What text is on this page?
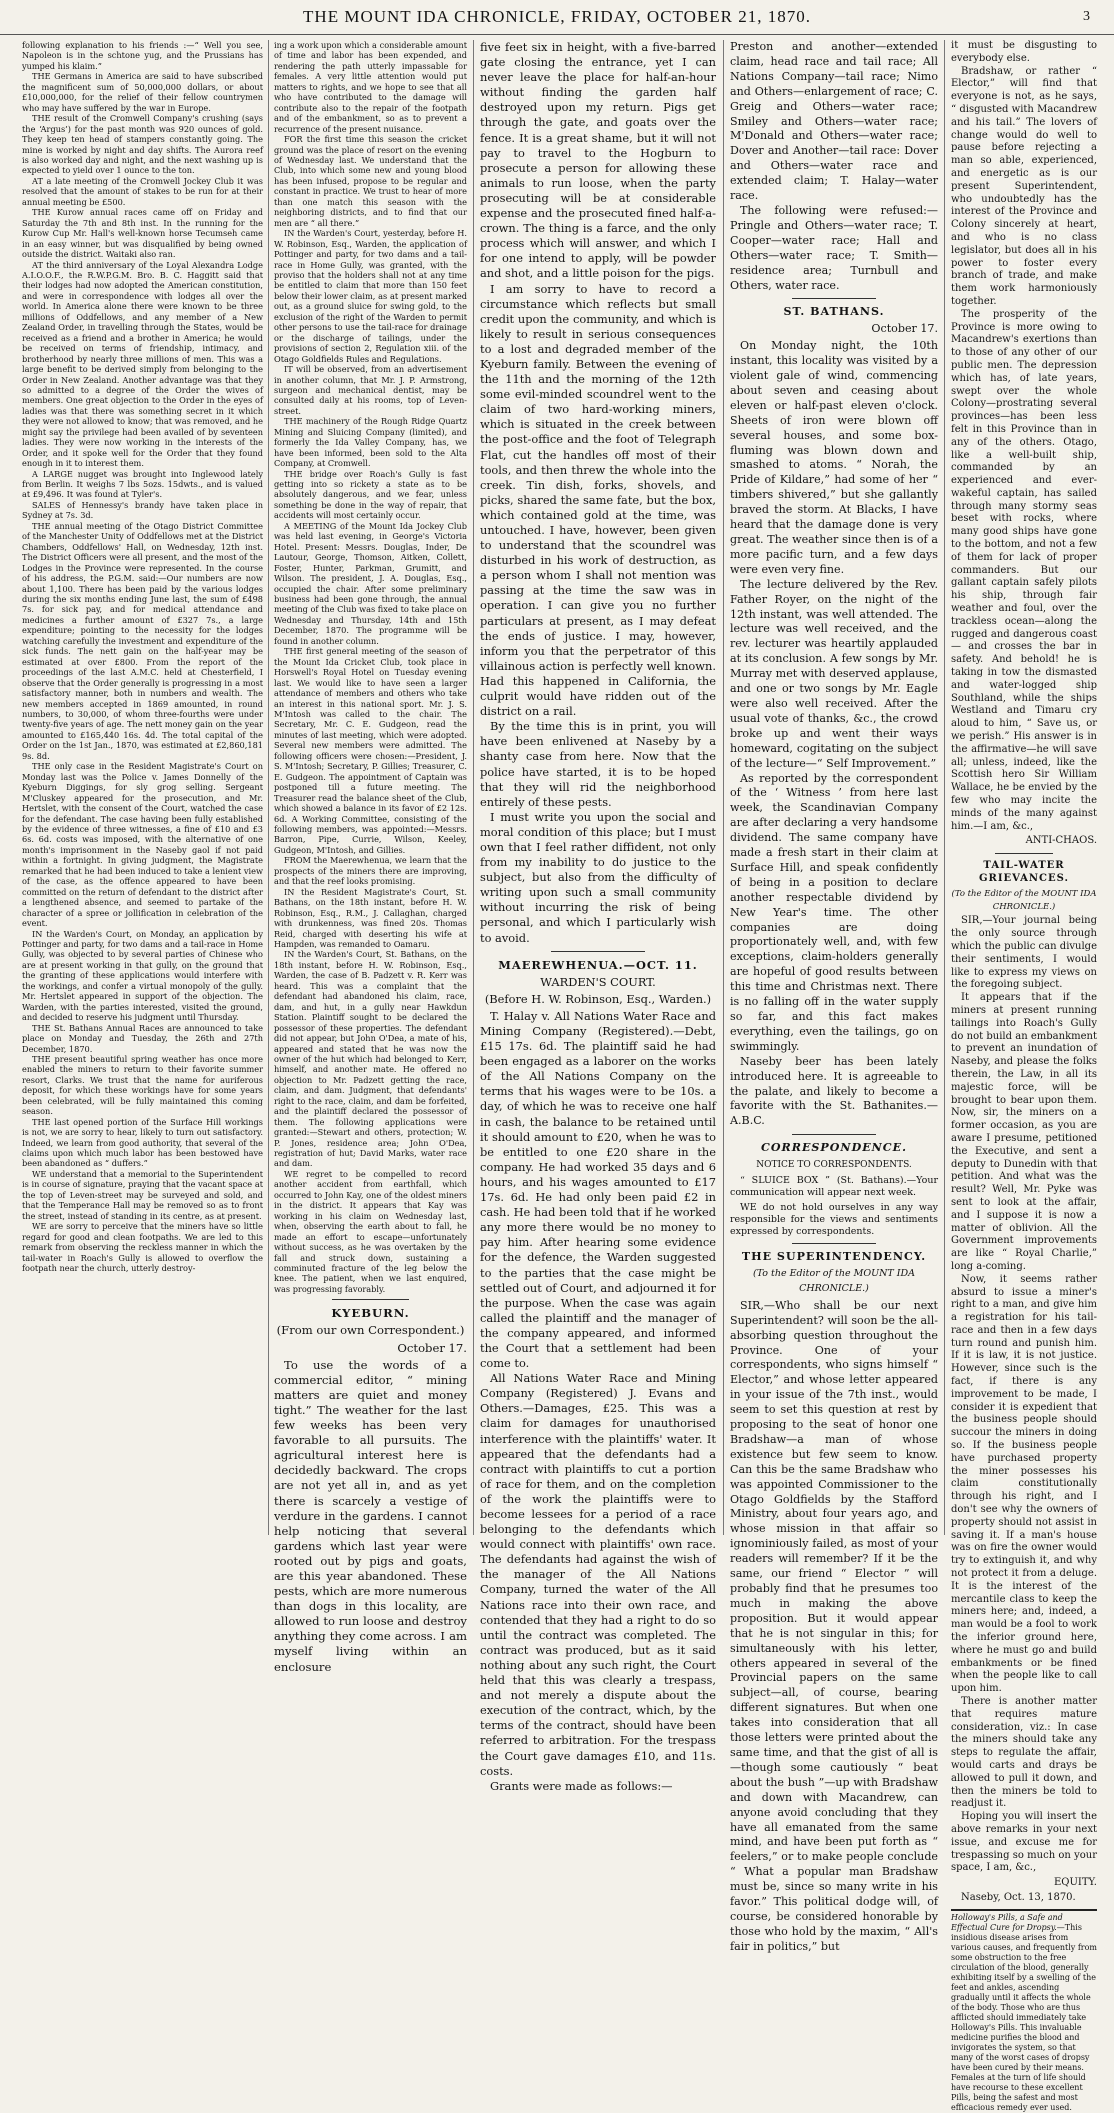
THE MOUNT IDA CHRONICLE, FRIDAY, OCTOBER 21, 1870.	3

following explanation to his friends :—“ Well you see, Napoleon is in the schtone yug, and the Prussians has yumped his klaim.”

THE Germans in America are said to have subscribed the magnificent sum of 50,000,000 dollars, or about £10,000,000, for the relief of their fellow countrymen who may have suffered by the war in Europe.

THE result of the Cromwell Company's crushing (says the ‘Argus’) for the past month was 920 ounces of gold. They keep ten head of stampers constantly going. The mine is worked by night and day shifts. The Aurora reef is also worked day and night, and the next washing up is expected to yield over 1 ounce to the ton.

AT a late meeting of the Cromwell Jockey Club it was resolved that the amount of stakes to be run for at their annual meeting be £500.

THE Kurow annual races came off on Friday and Saturday the 7th and 8th inst. In the running for the Kurow Cup Mr. Hall's well-known horse Tecumseh came in an easy winner, but was disqualified by being owned outside the district. Waitaki also ran.

AT the third anniversary of the Loyal Alexandra Lodge A.I.O.O.F., the R.W.P.G.M. Bro. B. C. Haggitt said that their lodges had now adopted the American constitution, and were in correspondence with lodges all over the world. In America alone there were known to be three millions of Oddfellows, and any member of a New Zealand Order, in travelling through the States, would be received as a friend and a brother in America; he would be received on terms of friendship, intimacy, and brotherhood by nearly three millions of men. This was a large benefit to be derived simply from belonging to the Order in New Zealand. Another advantage was that they so admitted to a degree of the Order the wives of members. One great objection to the Order in the eyes of ladies was that there was something secret in it which they were not allowed to know; that was removed, and he might say the privilege had been availed of by seventeen ladies. They were now working in the interests of the Order, and it spoke well for the Order that they found enough in it to interest them.

A LARGE nugget was brought into Inglewood lately from Berlin. It weighs 7 lbs 5ozs. 15dwts., and is valued at £9,496. It was found at Tyler's.

SALES of Hennessy's brandy have taken place in Sydney at 7s. 3d.

THE annual meeting of the Otago District Committee of the Manchester Unity of Oddfellows met at the District Chambers, Oddfellows' Hall, on Wednesday, 12th inst. The District Officers were all present, and the most of the Lodges in the Province were represented. In the course of his address, the P.G.M. said:—Our numbers are now about 1,100. There has been paid by the various lodges during the six months ending June last, the sum of £498 7s. for sick pay, and for medical attendance and medicines a further amount of £327 7s., a large expenditure; pointing to the necessity for the lodges watching carefully the investment and expenditure of the sick funds. The nett gain on the half-year may be estimated at over £800. From the report of the proceedings of the last A.M.C. held at Chesterfield, I observe that the Order generally is progressing in a most satisfactory manner, both in numbers and wealth. The new members accepted in 1869 amounted, in round numbers, to 30,000, of whom three-fourths were under twenty-five years of age. The nett money gain on the year amounted to £165,440 16s. 4d. The total capital of the Order on the 1st Jan., 1870, was estimated at £2,860,181 9s. 8d.

THE only case in the Resident Magistrate's Court on Monday last was the Police v. James Donnelly of the Kyeburn Diggings, for sly grog selling. Sergeant M'Cluskey appeared for the prosecution, and Mr. Hertslet, with the consent of the Court, watched the case for the defendant. The case having been fully established by the evidence of three witnesses, a fine of £10 and £3 6s. 6d. costs was imposed, with the alternative of one month's imprisonment in the Naseby gaol if not paid within a fortnight. In giving judgment, the Magistrate remarked that he had been induced to take a lenient view of the case, as the offence appeared to have been committed on the return of defendant to the district after a lengthened absence, and seemed to partake of the character of a spree or jollification in celebration of the event.

IN the Warden's Court, on Monday, an application by Pottinger and party, for two dams and a tail-race in Home Gully, was objected to by several parties of Chinese who are at present working in that gully, on the ground that the granting of these applications would interfere with the workings, and confer a virtual monopoly of the gully. Mr. Hertslet appeared in support of the objection. The Warden, with the parties interested, visited the ground, and decided to reserve his judgment until Thursday.

THE St. Bathans Annual Races are announced to take place on Monday and Tuesday, the 26th and 27th December, 1870.

THE present beautiful spring weather has once more enabled the miners to return to their favorite summer resort, Clarks. We trust that the name for auriferous deposit, for which these workings have for some years been celebrated, will be fully maintained this coming season.

THE last opened portion of the Surface Hill workings is not, we are sorry to hear, likely to turn out satisfactory. Indeed, we learn from good authority, that several of the claims upon which much labor has been bestowed have been abandoned as “ duffers.”

WE understand that a memorial to the Superintendent is in course of signature, praying that the vacant space at the top of Leven-street may be surveyed and sold, and that the Temperance Hall may be removed so as to front the street, instead of standing in its centre, as at present.

WE are sorry to perceive that the miners have so little regard for good and clean footpaths. We are led to this remark from observing the reckless manner in which the tail-water in Roach's Gully is allowed to overflow the footpath near the church, utterly destroy-

ing a work upon which a considerable amount of time and labor has been expended, and rendering the path utterly impassable for females. A very little attention would put matters to rights, and we hope to see that all who have contributed to the damage will contribute also to the repair of the footpath and of the embankment, so as to prevent a recurrence of the present nuisance.

FOR the first time this season the cricket ground was the place of resort on the evening of Wednesday last. We understand that the Club, into which some new and young blood has been infused, propose to be regular and constant in practice. We trust to hear of more than one match this season with the neighboring districts, and to find that our men are “ all there.”

IN the Warden's Court, yesterday, before H. W. Robinson, Esq., Warden, the application of Pottinger and party, for two dams and a tail-race in Home Gully, was granted, with the proviso that the holders shall not at any time be entitled to claim that more than 150 feet below their lower claim, as at present marked out, as a ground sluice for swing gold, to the exclusion of the right of the Warden to permit other persons to use the tail-race for drainage or the discharge of tailings, under the provisions of section 2, Regulation xiii. of the Otago Goldfields Rules and Regulations.

IT will be observed, from an advertisement in another column, that Mr. J. P. Armstrong, surgeon and mechanical dentist, may be consulted daily at his rooms, top of Leven-street.

THE machinery of the Rough Ridge Quartz Mining and Sluicing Company (limited), and formerly the Ida Valley Company, has, we have been informed, been sold to the Alta Company, at Cromwell.

THE bridge over Roach's Gully is fast getting into so rickety a state as to be absolutely dangerous, and we fear, unless something be done in the way of repair, that accidents will most certainly occur.

A MEETING of the Mount Ida Jockey Club was held last evening, in George's Victoria Hotel. Present: Messrs. Douglas, Inder, De Lautour, George, Thomson, Aitken, Collett, Foster, Hunter, Parkman, Grumitt, and Wilson. The president, J. A. Douglas, Esq., occupied the chair. After some preliminary business had been gone through, the annual meeting of the Club was fixed to take place on Wednesday and Thursday, 14th and 15th December, 1870. The programme will be found in another column.

THE first general meeting of the season of the Mount Ida Cricket Club, took place in Horswell's Royal Hotel on Tuesday evening last. We would like to have seen a larger attendance of members and others who take an interest in this national sport. Mr. J. S. M'Intosh was called to the chair. The Secretary, Mr. C. E. Gudgeon, read the minutes of last meeting, which were adopted. Several new members were admitted. The following officers were chosen:—President, J. S. M'Intosh; Secretary, P. Gillies; Treasurer, C. E. Gudgeon. The appointment of Captain was postponed till a future meeting. The Treasurer read the balance sheet of the Club, which showed a balance in its favor of £2 12s. 6d. A Working Committee, consisting of the following members, was appointed:—Messrs. Barron, Pipe, Currie, Wilson, Keeley, Gudgeon, M'Intosh, and Gillies.

FROM the Maerewhenua, we learn that the prospects of the miners there are improving, and that the reef looks promising.

IN the Resident Magistrate's Court, St. Bathans, on the 18th instant, before H. W. Robinson, Esq., R.M., J. Callaghan, charged with drunkenness, was fined 20s. Thomas Reid, charged with deserting his wife at Hampden, was remanded to Oamaru.

IN the Warden's Court, St. Bathans, on the 18th instant, before H. W. Robinson, Esq., Warden, the case of B. Padzett v. R. Kerr was heard. This was a complaint that the defendant had abandoned his claim, race, dam, and hut, in a gully near Hawkdun Station. Plaintiff sought to be declared the possessor of these properties. The defendant did not appear, but John O'Dea, a mate of his, appeared and stated that he was now the owner of the hut which had belonged to Kerr, himself, and another mate. He offered no objection to Mr. Padzett getting the race, claim, and dam. Judgment, that defendants' right to the race, claim, and dam be forfeited, and the plaintiff declared the possessor of them. The following applications were granted:—Stewart and others, protection; W. P. Jones, residence area; John O'Dea, registration of hut; David Marks, water race and dam.

WE regret to be compelled to record another accident from earthfall, which occurred to John Kay, one of the oldest miners in the district. It appears that Kay was working in his claim on Wednesday last, when, observing the earth about to fall, he made an effort to escape—unfortunately without success, as he was overtaken by the fall and struck down, sustaining a comminuted fracture of the leg below the knee. The patient, when we last enquired, was progressing favorably.

KYEBURN.
(From our own Correspondent.)
October 17.

To use the words of a commercial editor, “ mining matters are quiet and money tight.” The weather for the last few weeks has been very favorable to all pursuits. The agricultural interest here is decidedly backward. The crops are not yet all in, and as yet there is scarcely a vestige of verdure in the gardens. I cannot help noticing that several gardens which last year were rooted out by pigs and goats, are this year abandoned. These pests, which are more numerous than dogs in this locality, are allowed to run loose and destroy anything they come across. I am myself living within an enclosure

five feet six in height, with a five-barred gate closing the entrance, yet I can never leave the place for half-an-hour without finding the garden half destroyed upon my return. Pigs get through the gate, and goats over the fence. It is a great shame, but it will not pay to travel to the Hogburn to prosecute a person for allowing these animals to run loose, when the party prosecuting will be at considerable expense and the prosecuted fined half-a-crown. The thing is a farce, and the only process which will answer, and which I for one intend to apply, will be powder and shot, and a little poison for the pigs.

I am sorry to have to record a circumstance which reflects but small credit upon the community, and which is likely to result in serious consequences to a lost and degraded member of the Kyeburn family. Between the evening of the 11th and the morning of the 12th some evil-minded scoundrel went to the claim of two hard-working miners, which is situated in the creek between the post-office and the foot of Telegraph Flat, cut the handles off most of their tools, and then threw the whole into the creek. Tin dish, forks, shovels, and picks, shared the same fate, but the box, which contained gold at the time, was untouched. I have, however, been given to understand that the scoundrel was disturbed in his work of destruction, as a person whom I shall not mention was passing at the time the saw was in operation. I can give you no further particulars at present, as I may defeat the ends of justice. I may, however, inform you that the perpetrator of this villainous action is perfectly well known. Had this happened in California, the culprit would have ridden out of the district on a rail.

By the time this is in print, you will have been enlivened at Naseby by a shanty case from here. Now that the police have started, it is to be hoped that they will rid the neighborhood entirely of these pests.

I must write you upon the social and moral condition of this place; but I must own that I feel rather diffident, not only from my inability to do justice to the subject, but also from the difficulty of writing upon such a small community without incurring the risk of being personal, and which I particularly wish to avoid.

MAEREWHENUA.—OCT. 11.
WARDEN'S COURT.
(Before H. W. Robinson, Esq., Warden.)

T. Halay v. All Nations Water Race and Mining Company (Registered).—Debt, £15 17s. 6d. The plaintiff said he had been engaged as a laborer on the works of the All Nations Company on the terms that his wages were to be 10s. a day, of which he was to receive one half in cash, the balance to be retained until it should amount to £20, when he was to be entitled to one £20 share in the company. He had worked 35 days and 6 hours, and his wages amounted to £17 17s. 6d. He had only been paid £2 in cash. He had been told that if he worked any more there would be no money to pay him. After hearing some evidence for the defence, the Warden suggested to the parties that the case might be settled out of Court, and adjourned it for the purpose. When the case was again called the plaintiff and the manager of the company appeared, and informed the Court that a settlement had been come to.

All Nations Water Race and Mining Company (Registered) J. Evans and Others.—Damages, £25. This was a claim for damages for unauthorised interference with the plaintiffs' water. It appeared that the defendants had a contract with plaintiffs to cut a portion of race for them, and on the completion of the work the plaintiffs were to become lessees for a period of a race belonging to the defendants which would connect with plaintiffs' own race. The defendants had against the wish of the manager of the All Nations Company, turned the water of the All Nations race into their own race, and contended that they had a right to do so until the contract was completed. The contract was produced, but as it said nothing about any such right, the Court held that this was clearly a trespass, and not merely a dispute about the execution of the contract, which, by the terms of the contract, should have been referred to arbitration. For the trespass the Court gave damages £10, and 11s. costs.

Grants were made as follows:—

Preston and another—extended claim, head race and tail race; All Nations Company—tail race; Nimo and Others—enlargement of race; C. Greig and Others—water race; Smiley and Others—water race; M'Donald and Others—water race; Dover and Another—tail race: Dover and Others—water race and extended claim; T. Halay—water race.

The following were refused:—Pringle and Others—water race; T. Cooper—water race; Hall and Others—water race; T. Smith—residence area; Turnbull and Others, water race.

ST. BATHANS.
October 17.

On Monday night, the 10th instant, this locality was visited by a violent gale of wind, commencing about seven and ceasing about eleven or half-past eleven o'clock. Sheets of iron were blown off several houses, and some box-fluming was blown down and smashed to atoms. “ Norah, the Pride of Kildare,” had some of her “ timbers shivered,” but she gallantly braved the storm. At Blacks, I have heard that the damage done is very great. The weather since then is of a more pacific turn, and a few days were even very fine.

The lecture delivered by the Rev. Father Royer, on the night of the 12th instant, was well attended. The lecture was well received, and the rev. lecturer was heartily applauded at its conclusion. A few songs by Mr. Murray met with deserved applause, and one or two songs by Mr. Eagle were also well received. After the usual vote of thanks, &c., the crowd broke up and went their ways homeward, cogitating on the subject of the lecture—“ Self Improvement.”

As reported by the correspondent of the ‘ Witness ’ from here last week, the Scandinavian Company are after declaring a very handsome dividend. The same company have made a fresh start in their claim at Surface Hill, and speak confidently of being in a position to declare another respectable dividend by New Year's time. The other companies are doing proportionately well, and, with few exceptions, claim-holders generally are hopeful of good results between this time and Christmas next. There is no falling off in the water supply so far, and this fact makes everything, even the tailings, go on swimmingly.

Naseby beer has been lately introduced here. It is agreeable to the palate, and likely to become a favorite with the St. Bathanites.—A.B.C.

CORRESPONDENCE.
NOTICE TO CORRESPONDENTS.

“ SLUICE BOX ” (St. Bathans).—Your communication will appear next week.

WE do not hold ourselves in any way responsible for the views and sentiments expressed by correspondents.

THE SUPERINTENDENCY.
(To the Editor of the MOUNT IDA CHRONICLE.)

SIR,—Who shall be our next Superintendent? will soon be the all-absorbing question throughout the Province. One of your correspondents, who signs himself “ Elector,” and whose letter appeared in your issue of the 7th inst., would seem to set this question at rest by proposing to the seat of honor one Bradshaw—a man of whose existence but few seem to know. Can this be the same Bradshaw who was appointed Commissioner to the Otago Goldfields by the Stafford Ministry, about four years ago, and whose mission in that affair so ignominiously failed, as most of your readers will remember? If it be the same, our friend “ Elector ” will probably find that he presumes too much in making the above proposition. But it would appear that he is not singular in this; for simultaneously with his letter, others appeared in several of the Provincial papers on the same subject—all, of course, bearing different signatures. But when one takes into consideration that all those letters were printed about the same time, and that the gist of all is—though some cautiously “ beat about the bush ”—up with Bradshaw and down with Macandrew, can anyone avoid concluding that they have all emanated from the same mind, and have been put forth as “ feelers,” or to make people conclude “ What a popular man Bradshaw must be, since so many write in his favor.” This political dodge will, of course, be considered honorable by those who hold by the maxim, “ All's fair in politics,” but

it must be disgusting to everybody else.

Bradshaw, or rather “ Elector,” will find that everyone is not, as he says, “ disgusted with Macandrew and his tail.” The lovers of change would do well to pause before rejecting a man so able, experienced, and energetic as is our present Superintendent, who undoubtedly has the interest of the Province and Colony sincerely at heart, and who is no class legislator, but does all in his power to foster every branch of trade, and make them work harmoniously together.

The prosperity of the Province is more owing to Macandrew's exertions than to those of any other of our public men. The depression which has, of late years, swept over the whole Colony—prostrating several provinces—has been less felt in this Province than in any of the others. Otago, like a well-built ship, commanded by an experienced and ever-wakeful captain, has sailed through many stormy seas beset with rocks, where many good ships have gone to the bottom, and not a few of them for lack of proper commanders. But our gallant captain safely pilots his ship, through fair weather and foul, over the trackless ocean—along the rugged and dangerous coast — and crosses the bar in safety. And behold! he is taking in tow the dismasted and water-logged ship Southland, while the ships Westland and Timaru cry aloud to him, “ Save us, or we perish.” His answer is in the affirmative—he will save all; unless, indeed, like the Scottish hero Sir William Wallace, he be envied by the few who may incite the minds of the many against him.—I am, &c.,

ANTI-CHAOS.
TAIL-WATER GRIEVANCES.
(To the Editor of the MOUNT IDA CHRONICLE.)

SIR,—Your journal being the only source through which the public can divulge their sentiments, I would like to express my views on the foregoing subject.

It appears that if the miners at present running tailings into Roach's Gully do not build an embankment to prevent an inundation of Naseby, and please the folks therein, the Law, in all its majestic force, will be brought to bear upon them. Now, sir, the miners on a former occasion, as you are aware I presume, petitioned the Executive, and sent a deputy to Dunedin with that petition. And what was the result? Well, Mr. Pyke was sent to look at the affair, and I suppose it is now a matter of oblivion. All the Government improvements are like “ Royal Charlie,” long a-coming.

Now, it seems rather absurd to issue a miner's right to a man, and give him a registration for his tail-race and then in a few days turn round and punish him. If it is law, it is not justice. However, since such is the fact, if there is any improvement to be made, I consider it is expedient that the business people should succour the miners in doing so. If the business people have purchased property the miner possesses his claim constitutionally through his right, and I don't see why the owners of property should not assist in saving it. If a man's house was on fire the owner would try to extinguish it, and why not protect it from a deluge. It is the interest of the mercantile class to keep the miners here; and, indeed, a man would be a fool to work the inferior ground here, where he must go and build embankments or be fined when the people like to call upon him.

There is another matter that requires mature consideration, viz.: In case the miners should take any steps to regulate the affair, would carts and drays be allowed to pull it down, and then the miners be told to readjust it.

Hoping you will insert the above remarks in your next issue, and excuse me for trespassing so much on your space, I am, &c.,

EQUITY.

Naseby, Oct. 13, 1870.

Holloway's Pills, a Safe and Effectual Cure for Dropsy.—This insidious disease arises from various causes, and frequently from some obstruction to the free circulation of the blood, generally exhibiting itself by a swelling of the feet and ankles, ascending gradually until it affects the whole of the body. Those who are thus afflicted should immediately take Holloway's Pills. This invaluable medicine purifies the blood and invigorates the system, so that many of the worst cases of dropsy have been cured by their means. Females at the turn of life should have recourse to these excellent Pills, being the safest and most efficacious remedy ever used.
